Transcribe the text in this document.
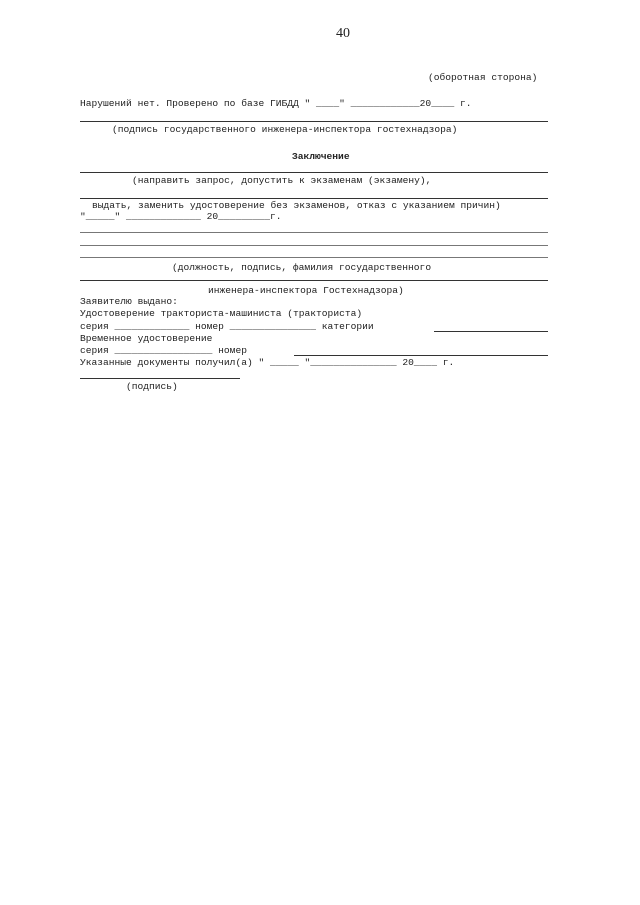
40
(оборотная сторона)
Нарушений нет. Проверено по базе ГИБДД " ____" ____________20____ г.
(подпись государственного инженера-инспектора гостехнадзора)
Заключение
(направить запрос, допустить к экзаменам (экзамену),
выдать, заменить удостоверение без экзаменов, отказ с указанием причин)
"_____" _____________ 20_________г.
(должность, подпись, фамилия государственного
инженера-инспектора Гостехнадзора)
Заявителю выдано:
Удостоверение тракториста-машиниста (тракториста)
серия _____________ номер _______________ категории
Временное удостоверение
серия _________________ номер
Указанные документы получил(а) " _____ "_______________ 20____ г.
(подпись)
